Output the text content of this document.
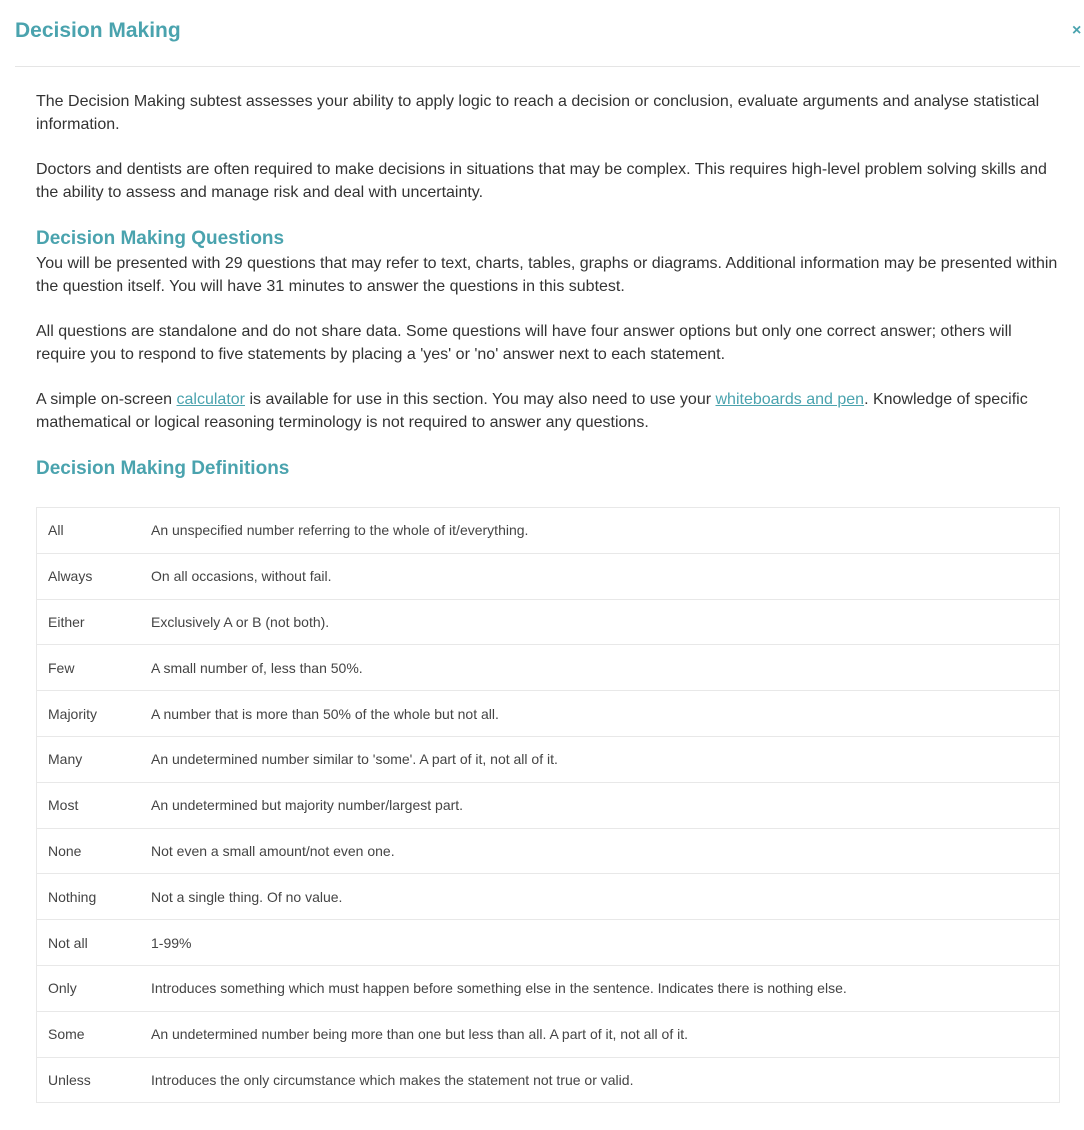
Decision Making	×

The Decision Making subtest assesses your ability to apply logic to reach a decision or conclusion, evaluate arguments and analyse statistical information.

Doctors and dentists are often required to make decisions in situations that may be complex. This requires high-level problem solving skills and the ability to assess and manage risk and deal with uncertainty.

Decision Making Questions

You will be presented with 29 questions that may refer to text, charts, tables, graphs or diagrams. Additional information may be presented within the question itself. You will have 31 minutes to answer the questions in this subtest.

All questions are standalone and do not share data. Some questions will have four answer options but only one correct answer; others will require you to respond to five statements by placing a 'yes' or 'no' answer next to each statement.

A simple on-screen calculator is available for use in this section. You may also need to use your whiteboards and pen. Knowledge of specific mathematical or logical reasoning terminology is not required to answer any questions.

Decision Making Definitions
All	An unspecified number referring to the whole of it/everything.
Always	On all occasions, without fail.
Either	Exclusively A or B (not both).
Few	A small number of, less than 50%.
Majority	A number that is more than 50% of the whole but not all.
Many	An undetermined number similar to 'some'. A part of it, not all of it.
Most	An undetermined but majority number/largest part.
None	Not even a small amount/not even one.
Nothing	Not a single thing. Of no value.
Not all	1-99%
Only	Introduces something which must happen before something else in the sentence. Indicates there is nothing else.
Some	An undetermined number being more than one but less than all. A part of it, not all of it.
Unless	Introduces the only circumstance which makes the statement not true or valid.
